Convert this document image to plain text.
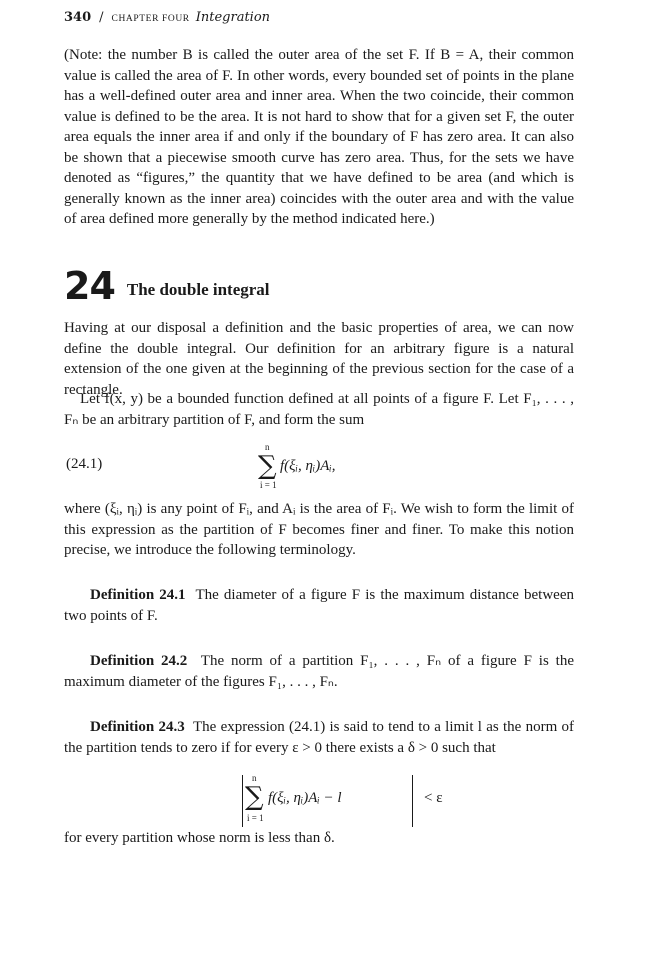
340 / CHAPTER FOUR Integration
(Note: the number B is called the outer area of the set F. If B = A, their common value is called the area of F. In other words, every bounded set of points in the plane has a well-defined outer area and inner area. When the two coincide, their common value is defined to be the area. It is not hard to show that for a given set F, the outer area equals the inner area if and only if the boundary of F has zero area. It can also be shown that a piecewise smooth curve has zero area. Thus, for the sets we have denoted as “figures,” the quantity that we have defined to be area (and which is generally known as the inner area) coincides with the outer area and with the value of area defined more generally by the method indicated here.)
24 The double integral
Having at our disposal a definition and the basic properties of area, we can now define the double integral. Our definition for an arbitrary figure is a natural extension of the one given at the beginning of the previous section for the case of a rectangle.
Let f(x, y) be a bounded function defined at all points of a figure F. Let F₁, . . . , Fₙ be an arbitrary partition of F, and form the sum
(24.1)
n
∑
i = 1
f(ξᵢ, ηᵢ)Aᵢ,
where (ξᵢ, ηᵢ) is any point of Fᵢ, and Aᵢ is the area of Fᵢ. We wish to form the limit of this expression as the partition of F becomes finer and finer. To make this notion precise, we introduce the following terminology.
Definition 24.1 The diameter of a figure F is the maximum distance between two points of F.
Definition 24.2 The norm of a partition F₁, . . . , Fₙ of a figure F is the maximum diameter of the figures F₁, . . . , Fₙ.
Definition 24.3 The expression (24.1) is said to tend to a limit l as the norm of the partition tends to zero if for every ε > 0 there exists a δ > 0 such that
n
∑
i = 1
f(ξᵢ, ηᵢ)Aᵢ − l	< ε
for every partition whose norm is less than δ.
